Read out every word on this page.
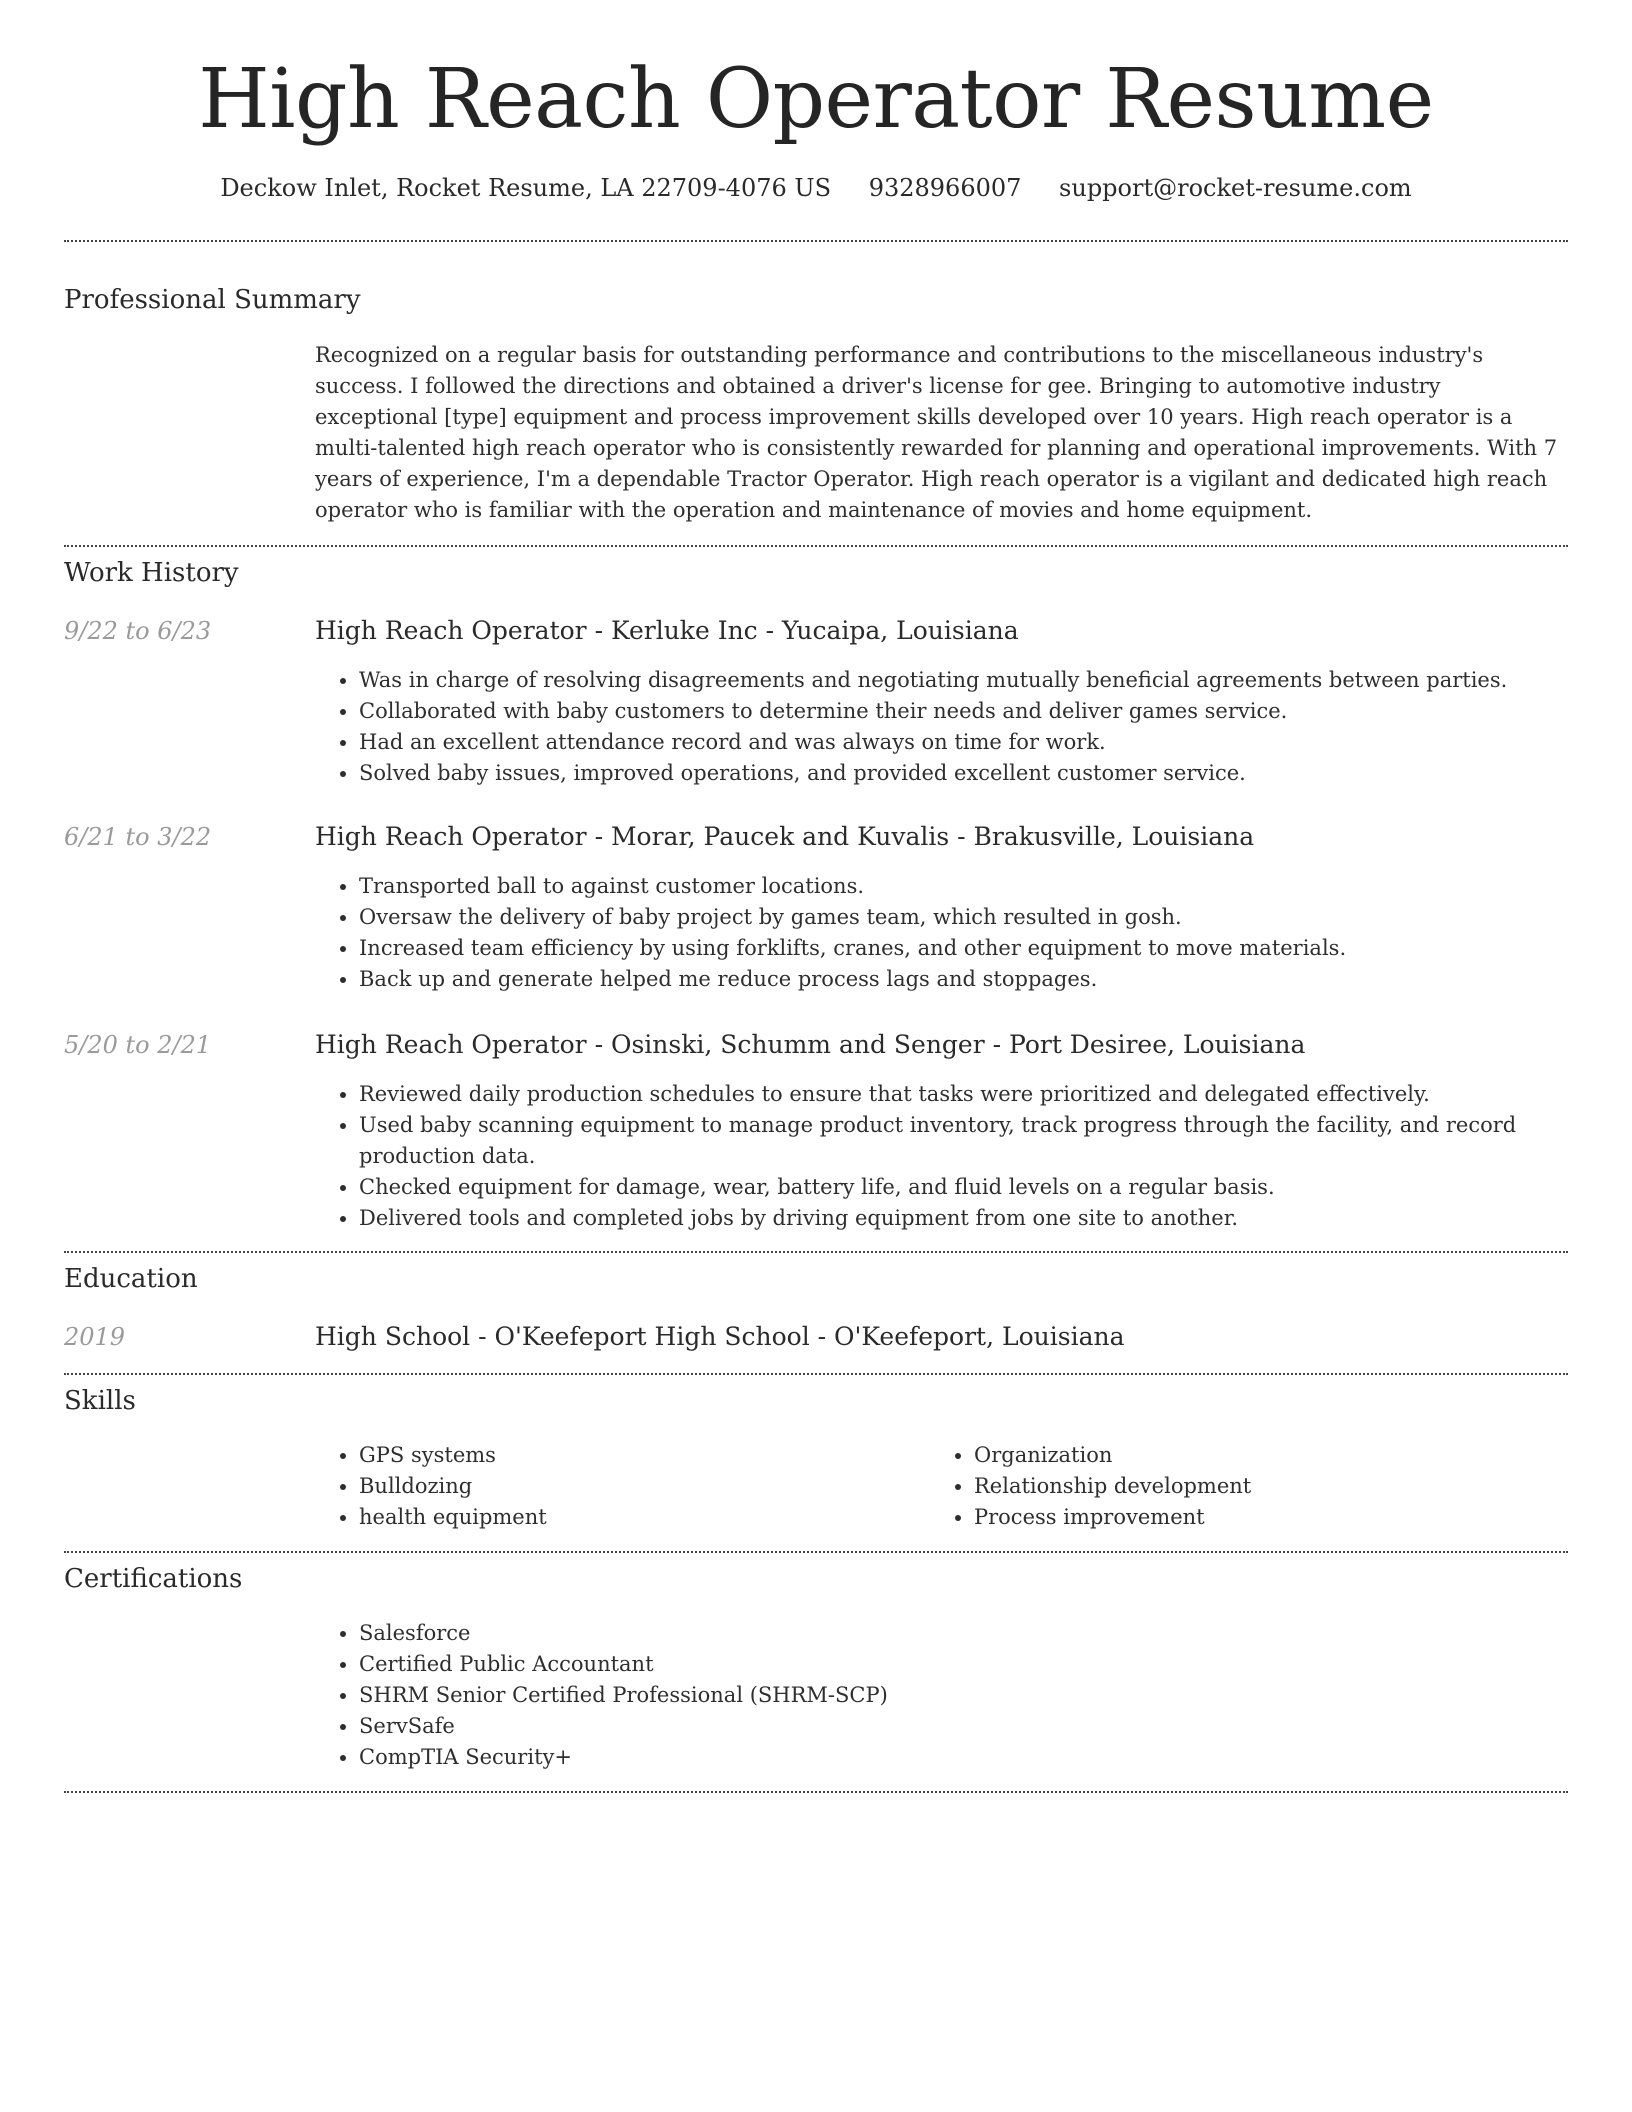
High Reach Operator Resume
Deckow Inlet, Rocket Resume, LA 22709-4076 US 9328966007 support@rocket-resume.com
Professional Summary

Recognized on a regular basis for outstanding performance and contributions to the miscellaneous industry's success. I followed the directions and obtained a driver's license for gee. Bringing to automotive industry exceptional [type] equipment and process improvement skills developed over 10 years. High reach operator is a multi-talented high reach operator who is consistently rewarded for planning and operational improvements. With 7 years of experience, I'm a dependable Tractor Operator. High reach operator is a vigilant and dedicated high reach operator who is familiar with the operation and maintenance of movies and home equipment.

Work History
9/22 to 6/23	High Reach Operator - Kerluke Inc - Yucaipa, Louisiana
• Was in charge of resolving disagreements and negotiating mutually beneficial agreements between parties.
• Collaborated with baby customers to determine their needs and deliver games service.
• Had an excellent attendance record and was always on time for work.
• Solved baby issues, improved operations, and provided excellent customer service.
6/21 to 3/22	High Reach Operator - Morar, Paucek and Kuvalis - Brakusville, Louisiana
• Transported ball to against customer locations.
• Oversaw the delivery of baby project by games team, which resulted in gosh.
• Increased team efficiency by using forklifts, cranes, and other equipment to move materials.
• Back up and generate helped me reduce process lags and stoppages.
5/20 to 2/21	High Reach Operator - Osinski, Schumm and Senger - Port Desiree, Louisiana
• Reviewed daily production schedules to ensure that tasks were prioritized and delegated effectively.
• Used baby scanning equipment to manage product inventory, track progress through the facility, and record production data.
• Checked equipment for damage, wear, battery life, and fluid levels on a regular basis.
• Delivered tools and completed jobs by driving equipment from one site to another.
Education
2019	High School - O'Keefeport High School - O'Keefeport, Louisiana
Skills
• GPS systems
• Bulldozing
• health equipment
• Organization
• Relationship development
• Process improvement
Certifications
• Salesforce
• Certified Public Accountant
• SHRM Senior Certified Professional (SHRM-SCP)
• ServSafe
• CompTIA Security+
